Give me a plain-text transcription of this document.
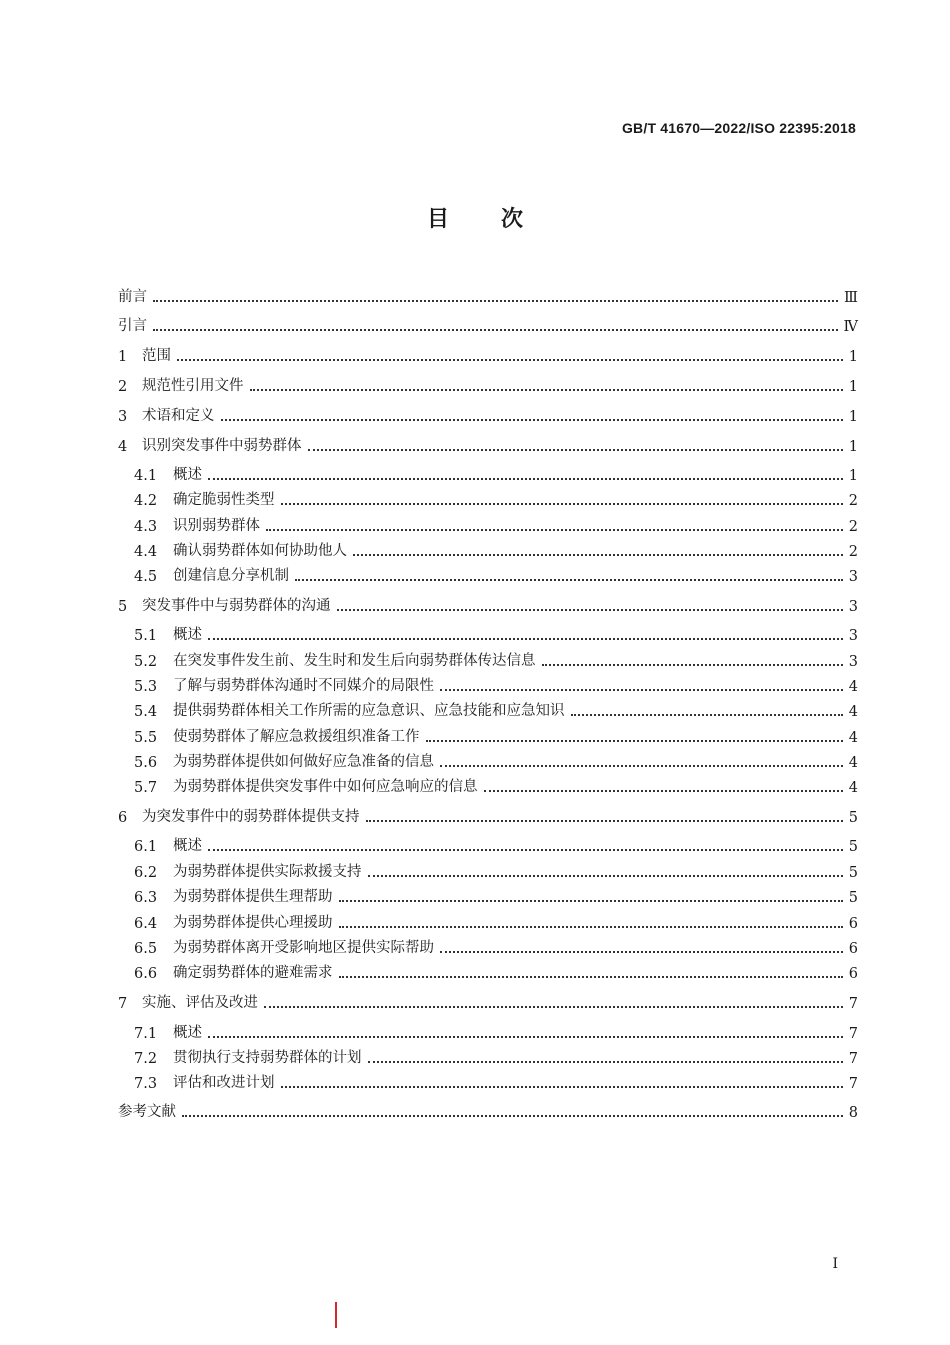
GB/T 41670—2022/ISO 22395:2018
目次
前言	Ⅲ
引言	Ⅳ
1	范围	1
2	规范性引用文件	1
3	术语和定义	1
4	识别突发事件中弱势群体	1
4.1	概述	1
4.2	确定脆弱性类型	2
4.3	识别弱势群体	2
4.4	确认弱势群体如何协助他人	2
4.5	创建信息分享机制	3
5	突发事件中与弱势群体的沟通	3
5.1	概述	3
5.2	在突发事件发生前、发生时和发生后向弱势群体传达信息	3
5.3	了解与弱势群体沟通时不同媒介的局限性	4
5.4	提供弱势群体相关工作所需的应急意识、应急技能和应急知识	4
5.5	使弱势群体了解应急救援组织准备工作	4
5.6	为弱势群体提供如何做好应急准备的信息	4
5.7	为弱势群体提供突发事件中如何应急响应的信息	4
6	为突发事件中的弱势群体提供支持	5
6.1	概述	5
6.2	为弱势群体提供实际救援支持	5
6.3	为弱势群体提供生理帮助	5
6.4	为弱势群体提供心理援助	6
6.5	为弱势群体离开受影响地区提供实际帮助	6
6.6	确定弱势群体的避难需求	6
7	实施、评估及改进	7
7.1	概述	7
7.2	贯彻执行支持弱势群体的计划	7
7.3	评估和改进计划	7
参考文献	8
I
